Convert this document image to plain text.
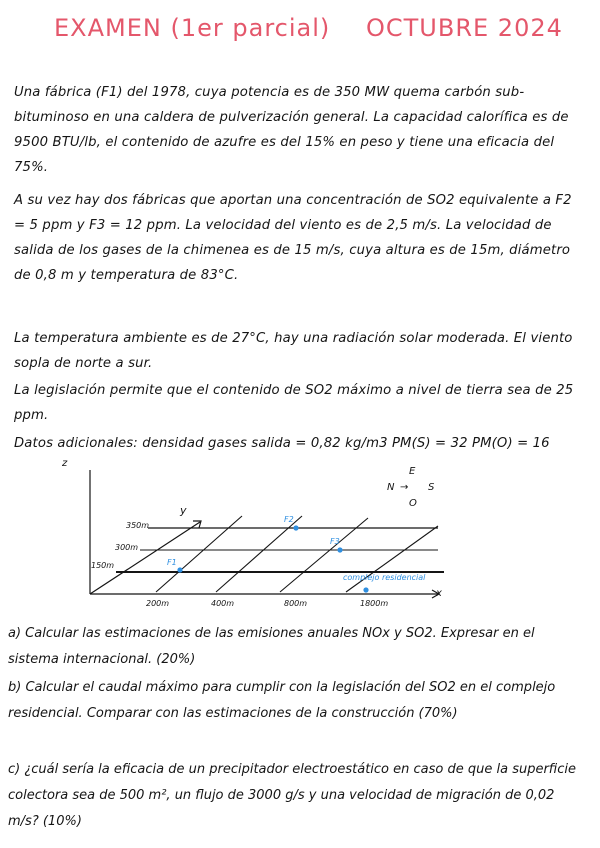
EXAMEN (1er parcial) OCTUBRE 2024

Una fábrica (F1) del 1978, cuya potencia es de 350 MW quema carbón sub-bituminoso en una caldera de pulverización general. La capacidad calorífica es de 9500 BTU/lb, el contenido de azufre es del 15% en peso y tiene una eficacia del 75%.

A su vez hay dos fábricas que aportan una concentración de SO2 equivalente a F2 = 5 ppm y F3 = 12 ppm. La velocidad del viento es de 2,5 m/s. La velocidad de salida de los gases de la chimenea es de 15 m/s, cuya altura es de 15m, diámetro de 0,8 m y temperatura de 83°C.

La temperatura ambiente es de 27°C, hay una radiación solar moderada. El viento sopla de norte a sur.

La legislación permite que el contenido de SO2 máximo a nivel de tierra sea de 25 ppm.

Datos adicionales: densidad gases salida = 0,82 kg/m3 PM(S) = 32 PM(O) = 16

z
y
x
E
N → S
O
350m
300m
150m
200m	400m	800m	1800m
F1
F2
F3
complejo residencial

a) Calcular las estimaciones de las emisiones anuales NOx y SO2. Expresar en el sistema internacional. (20%)

b) Calcular el caudal máximo para cumplir con la legislación del SO2 en el complejo residencial. Comparar con las estimaciones de la construcción (70%)

c) ¿cuál sería la eficacia de un precipitador electroestático en caso de que la superficie colectora sea de 500 m², un flujo de 3000 g/s y una velocidad de migración de 0,02 m/s? (10%)
